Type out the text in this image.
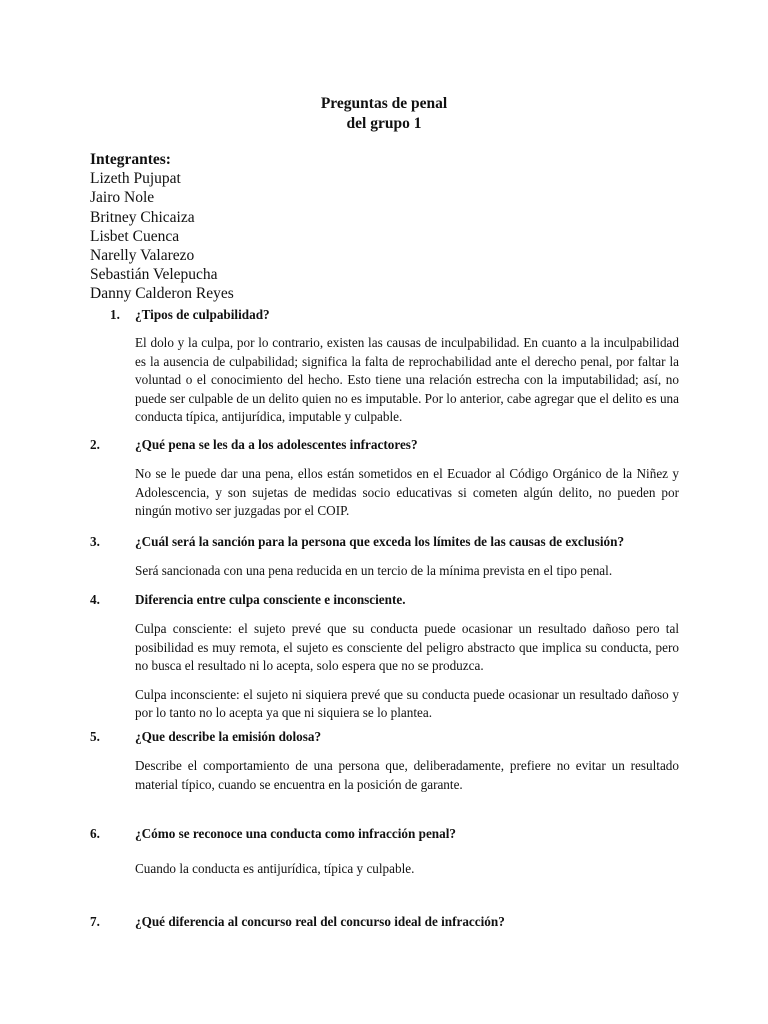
Preguntas de penal
del grupo 1
Integrantes:
Lizeth Pujupat
Jairo Nole
Britney Chicaiza
Lisbet Cuenca
Narelly Valarezo
Sebastián Velepucha
Danny Calderon Reyes
1. ¿Tipos de culpabilidad?

El dolo y la culpa, por lo contrario, existen las causas de inculpabilidad. En cuanto a la inculpabilidad es la ausencia de culpabilidad; significa la falta de reprochabilidad ante el derecho penal, por faltar la voluntad o el conocimiento del hecho. Esto tiene una relación estrecha con la imputabilidad; así, no puede ser culpable de un delito quien no es imputable. Por lo anterior, cabe agregar que el delito es una conducta típica, antijurídica, imputable y culpable.

2.	¿Qué pena se les da a los adolescentes infractores?

No se le puede dar una pena, ellos están sometidos en el Ecuador al Código Orgánico de la Niñez y Adolescencia, y son sujetas de medidas socio educativas si cometen algún delito, no pueden por ningún motivo ser juzgadas por el COIP.

3.	¿Cuál será la sanción para la persona que exceda los límites de las causas de exclusión?

Será sancionada con una pena reducida en un tercio de la mínima prevista en el tipo penal.

4.	Diferencia entre culpa consciente e inconsciente.

Culpa consciente: el sujeto prevé que su conducta puede ocasionar un resultado dañoso pero tal posibilidad es muy remota, el sujeto es consciente del peligro abstracto que implica su conducta, pero no busca el resultado ni lo acepta, solo espera que no se produzca.

Culpa inconsciente: el sujeto ni siquiera prevé que su conducta puede ocasionar un resultado dañoso y por lo tanto no lo acepta ya que ni siquiera se lo plantea.

5.	¿Que describe la emisión dolosa?

Describe el comportamiento de una persona que, deliberadamente, prefiere no evitar un resultado material típico, cuando se encuentra en la posición de garante.

6.	¿Cómo se reconoce una conducta como infracción penal?

Cuando la conducta es antijurídica, típica y culpable.

7.	¿Qué diferencia al concurso real del concurso ideal de infracción?
